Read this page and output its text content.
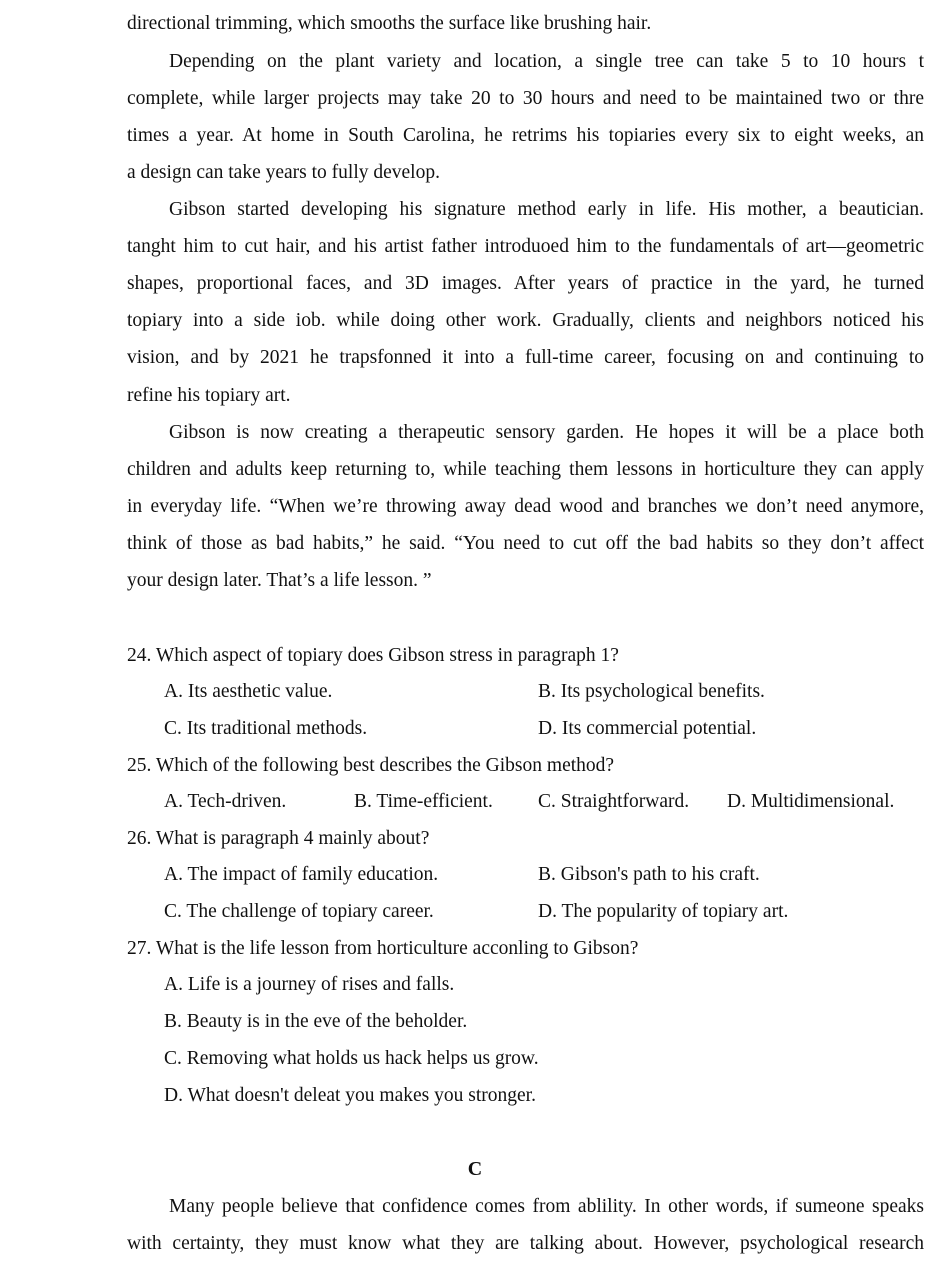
directional trimming, which smooths the surface like brushing hair.
Depending on the plant variety and location, a single tree can take 5 to 10 hours t
complete, while larger projects may take 20 to 30 hours and need to be maintained two or thre
times a year. At home in South Carolina, he retrims his topiaries every six to eight weeks, an
a design can take years to fully develop.
Gibson started developing his signature method early in life. His mother, a beautician.
tanght him to cut hair, and his artist father introduoed him to the fundamentals of art—geometric
shapes, proportional faces, and 3D images. After years of practice in the yard, he turned
topiary into a side iob. while doing other work. Gradually, clients and neighbors noticed his
vision, and by 2021 he trapsfonned it into a full-time career, focusing on and continuing to
refine his topiary art.
Gibson is now creating a therapeutic sensory garden. He hopes it will be a place both
children and adults keep returning to, while teaching them lessons in horticulture they can apply
in everyday life. “When we’re throwing away dead wood and branches we don’t need anymore,
think of those as bad habits,” he said. “You need to cut off the bad habits so they don’t affect
your design later. That’s a life lesson. ”
24. Which aspect of topiary does Gibson stress in paragraph 1?
A. Its aesthetic value.	B. Its psychological benefits.
C. Its traditional methods.	D. Its commercial potential.
25. Which of the following best describes the Gibson method?
A. Tech-driven.	B. Time-efficient. C. Straightforward. D. Multidimensional.
26. What is paragraph 4 mainly about?
A. The impact of family education.	B. Gibson's path to his craft.
C. The challenge of topiary career.	D. The popularity of topiary art.
27. What is the life lesson from horticulture acconling to Gibson?
A. Life is a journey of rises and falls.
B. Beauty is in the eve of the beholder.
C. Removing what holds us hack helps us grow.
D. What doesn't deleat you makes you stronger.
C
Many people believe that confidence comes from ablility. In other words, if sumeone speaks
with certainty, they must know what they are talking about. However, psychological research
